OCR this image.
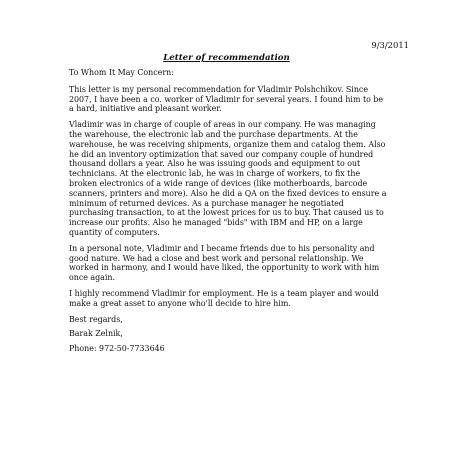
9/3/2011
Letter of recommendation

To Whom It May Concern:

This letter is my personal recommendation for Vladimir Polshchikov. Since
2007, I have been a co. worker of Vladimir for several years. I found him to be
a hard, initiative and pleasant worker.

Vladimir was in charge of couple of areas in our company. He was managing
the warehouse, the electronic lab and the purchase departments. At the
warehouse, he was receiving shipments, organize them and catalog them. Also
he did an inventory optimization that saved our company couple of hundred
thousand dollars a year. Also he was issuing goods and equipment to out
technicians. At the electronic lab, he was in charge of workers, to fix the
broken electronics of a wide range of devices (like motherboards, barcode
scanners, printers and more). Also he did a QA on the fixed devices to ensure a
minimum of returned devices. As a purchase manager he negotiated
purchasing transaction, to at the lowest prices for us to buy. That caused us to
increase our profits. Also he managed "bids" with IBM and HP, on a large
quantity of computers.

In a personal note, Vladimir and I became friends due to his personality and
good nature. We had a close and best work and personal relationship. We
worked in harmony, and I would have liked, the opportunity to work with him
once again.

I highly recommend Vladimir for employment. He is a team player and would
make a great asset to anyone who'll decide to hire him.

Best regards,

Barak Zelnik,

Phone: 972-50-7733646
